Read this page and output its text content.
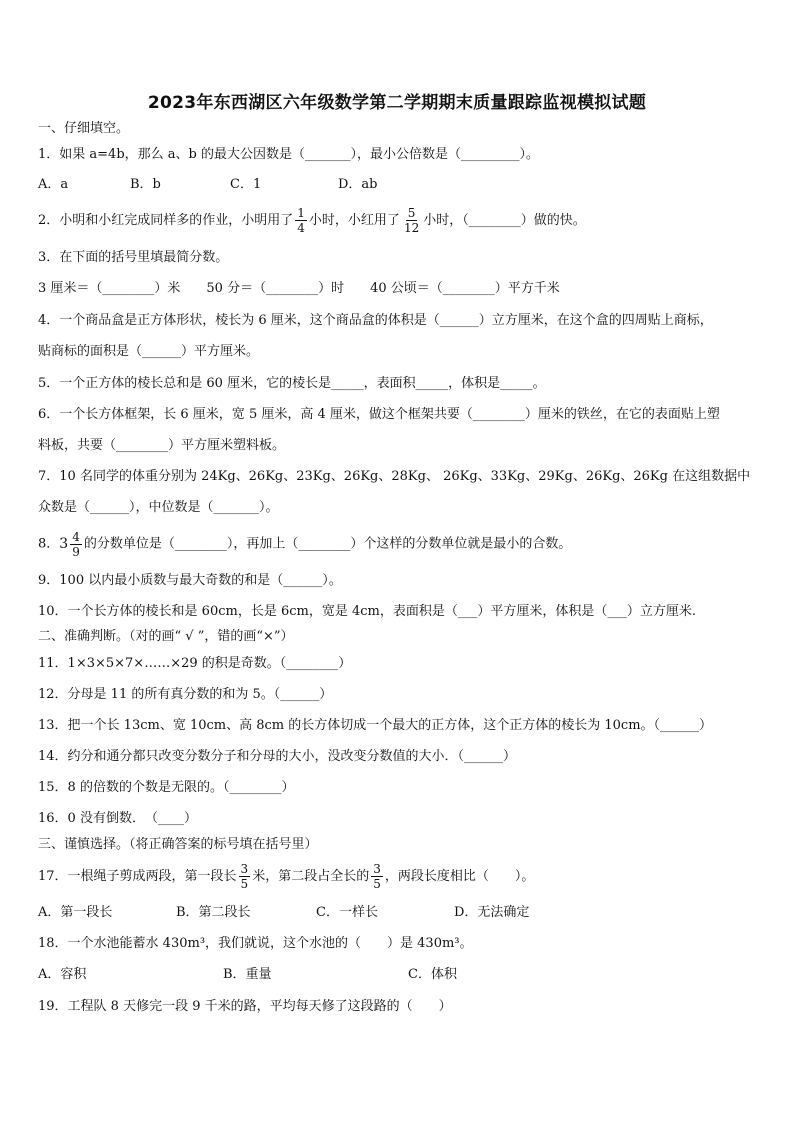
2023年东西湖区六年级数学第二学期期末质量跟踪监视模拟试题
一、仔细填空。
1．如果 a=4b，那么 a、b 的最大公因数是（_______），最小公倍数是（_________）。
A．a	B．b	C．1	D．ab
2．小明和小红完成同样多的作业，小明用了 $\frac{1}{4}$ 小时，小红用了 $\frac{5}{12}$ 小时，（________）做的快。
3．在下面的括号里填最简分数。
3 厘米＝（________）米　　50 分＝（________）时　　40 公顷＝（________）平方千米
4．一个商品盒是正方体形状，棱长为 6 厘米，这个商品盒的体积是（______）立方厘米，在这个盒的四周贴上商标，
贴商标的面积是（______）平方厘米。
5．一个正方体的棱长总和是 60 厘米，它的棱长是_____，表面积_____，体积是_____。
6．一个长方体框架，长 6 厘米，宽 5 厘米，高 4 厘米，做这个框架共要（________）厘米的铁丝，在它的表面贴上塑
料板，共要（________）平方厘米塑料板。
7．10 名同学的体重分别为 24Kg、26Kg、23Kg、26Kg、28Kg、 26Kg、33Kg、29Kg、26Kg、26Kg 在这组数据中
众数是（______），中位数是（_______）。
8．$3 \frac{4}{9}$ 的分数单位是（________），再加上（________）个这样的分数单位就是最小的合数。
9．100 以内最小质数与最大奇数的和是（______）。
10．一个长方体的棱长和是 60cm，长是 6cm，宽是 4cm，表面积是（___）平方厘米，体积是（___）立方厘米.
二、准确判断。（对的画“ √ ”，错的画“×”）
11．1×3×5×7×……×29 的积是奇数。（________）
12．分母是 11 的所有真分数的和为 5。（______）
13．把一个长 13cm、宽 10cm、高 8cm 的长方体切成一个最大的正方体，这个正方体的棱长为 10cm。（______）
14．约分和通分都只改变分数分子和分母的大小，没改变分数值的大小．（______）
15．8 的倍数的个数是无限的。（________）
16．0 没有倒数．　（____）
三、谨慎选择。（将正确答案的标号填在括号里）
17．一根绳子剪成两段，第一段长 $\frac{3}{5}$ 米，第二段占全长的 $\frac{3}{5}$ ，两段长度相比（　　）。
A．第一段长	B．第二段长	C．一样长	D．无法确定
18．一个水池能蓄水 430m³，我们就说，这个水池的（　　）是 430m³。
A．容积	B．重量	C．体积
19．工程队 8 天修完一段 9 千米的路，平均每天修了这段路的（　　）
